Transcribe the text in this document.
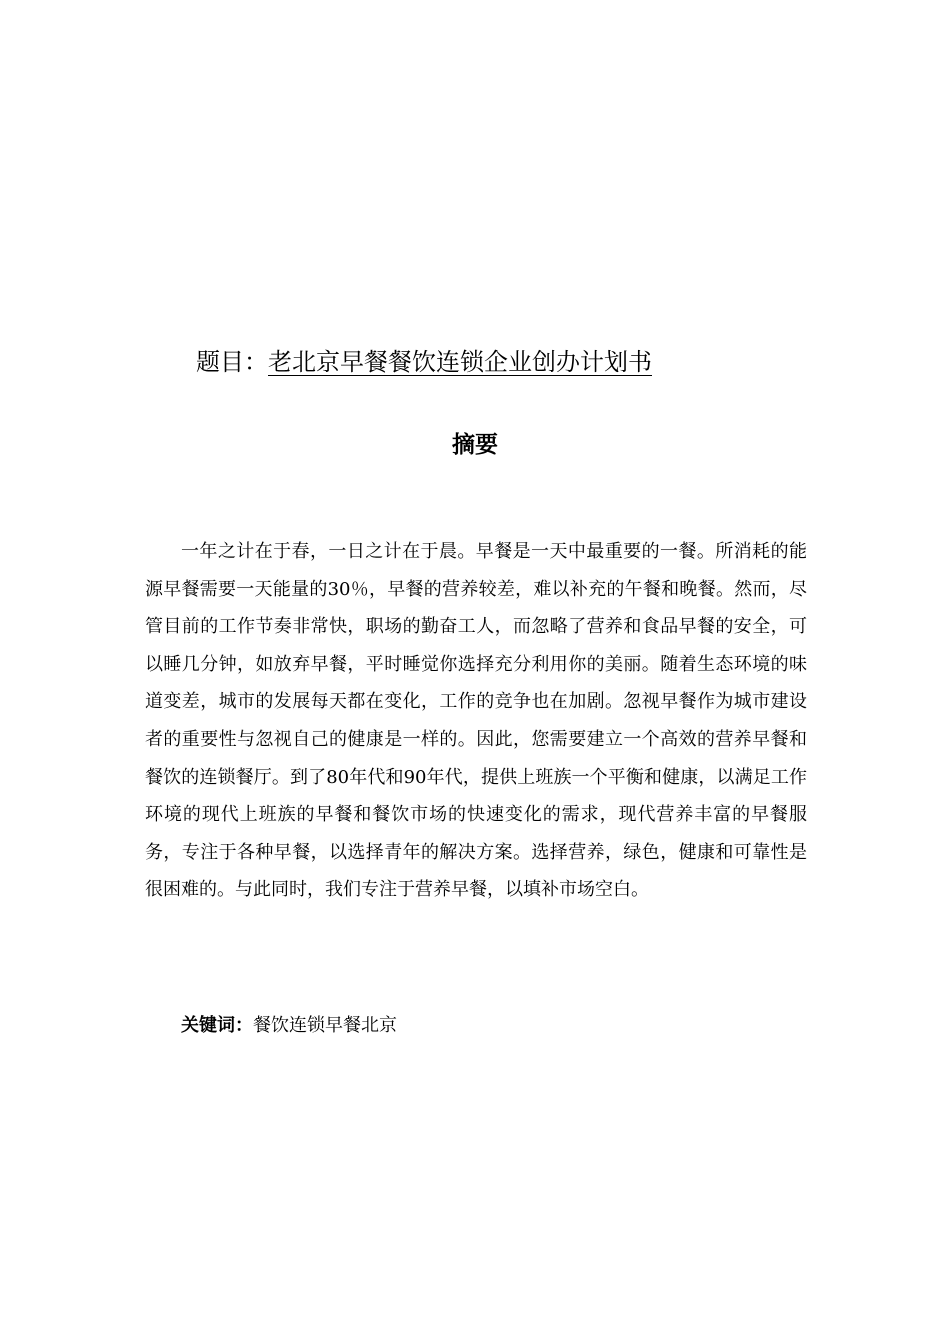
题目：老北京早餐餐饮连锁企业创办计划书
摘要

一年之计在于春，一日之计在于晨。早餐是一天中最重要的一餐。所消耗的能源早餐需要一天能量的30％，早餐的营养较差，难以补充的午餐和晚餐。然而，尽管目前的工作节奏非常快，职场的勤奋工人，而忽略了营养和食品早餐的安全，可以睡几分钟，如放弃早餐，平时睡觉你选择充分利用你的美丽。随着生态环境的味道变差，城市的发展每天都在变化，工作的竞争也在加剧。忽视早餐作为城市建设者的重要性与忽视自己的健康是一样的。因此，您需要建立一个高效的营养早餐和餐饮的连锁餐厅。到了80年代和90年代，提供上班族一个平衡和健康，以满足工作环境的现代上班族的早餐和餐饮市场的快速变化的需求，现代营养丰富的早餐服务，专注于各种早餐，以选择青年的解决方案。选择营养，绿色，健康和可靠性是很困难的。与此同时，我们专注于营养早餐，以填补市场空白。

关键词：餐饮连锁早餐北京
